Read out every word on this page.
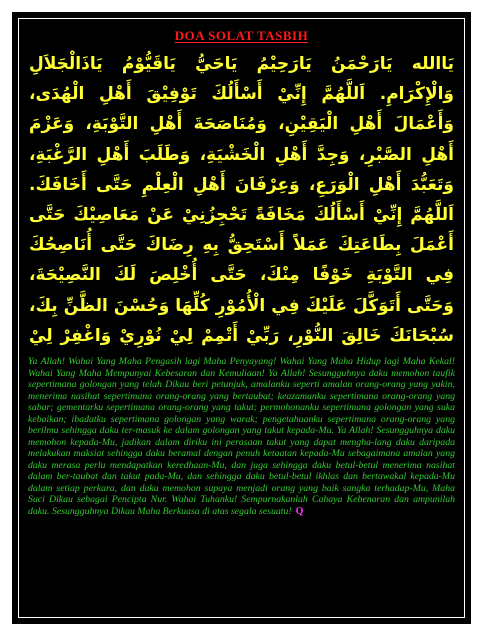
DOA SOLAT TASBIH
يَاالله يَارَحْمَنُ يَارَحِيْمُ يَاحَيُّ يَاقَيُّوْمُ يَاذَالْجَلاَلِ وَالْإِكْرَامِ. اَللَّهُمَّ إِنِّيْ أَسْأَلُكَ تَوْفِيْقَ أَهْلِ الْهُدَى، وَأَعْمَالَ أَهْلِ الْيَقِيْنِ، وَمُنَاصَحَةَ أَهْلِ التَّوْبَةِ، وَعَزْمَ أَهْلِ الصَّبْرِ، وَجِدَّ أَهْلِ الْخَشْيَةِ، وَطَلَبَ أَهْلِ الرَّغْبَةِ، وَتَعَبُّدَ أَهْلِ الْوَرَعِ، وَعِرْفَانَ أَهْلِ الْعِلْمِ حَتَّى أَخَافَكَ. اَللَّهُمَّ إِنِّيْ أَسْأَلُكَ مَخَافَةً تَحْجِزُنِيْ عَنْ مَعَاصِيْكَ حَتَّى أَعْمَلَ بِطَاعَتِكَ عَمَلاً أَسْتَحِقُّ بِهِ رِضَاكَ حَتَّى أُنَاصِحُكَ فِي التَّوْبَةِ خَوْفًا مِنْكَ، حَتَّى أُخْلِصَ لَكَ النَّصِيْحَةَ، وَحَتَّى أَتَوَكَّلَ عَلَيْكَ فِي الْأُمُوْرِ كُلِّهَا وَحُسْنَ الظَّنِّ بِكَ، سُبْحَانَكَ خَالِقَ النُّوْرِ، رَبِّيْ أَتْمِمْ لِيْ نُوْرِيْ وَاغْفِرْ لِيْ
Ya Allah! Wahai Yang Maha Pengasih lagi Maha Penyayang! Wahai Yang Maha Hidup lagi Maha Kekal! Wahai Yang Maha Mempunyai Kebesaran dan Kemuliaan! Ya Allah! Sesungguhnya daku memohon taufik sepertimana golongan yang telah Dikau beri petunjuk, amalanku seperti amalan orang-orang yang yakin, menerima nasihat sepertimana orang-orang yang bertaubat; keazamanku sepertimana orang-orang yang sabar; gementarku sepertimana orang-orang yang takut; permohonanku sepertimana golongan yang suka kebaikan; ibadatku sepertimana golongan yang warak; pengetahuanku sepertimana orang-orang yang berilmu sehingga daku ter-masuk ke dalam golongan yang takut kepada-Mu. Ya Allah! Sesungguhnya daku memohon kepada-Mu, jadikan dalam diriku ini perasaan takut yang dapat mengha-lang daku daripada melakukan maksiat sehingga daku beramal dengan penuh ketaatan kepada-Mu sebagaimana amalan yang daku merasa perlu mendapatkan keredhaan-Mu, dan juga sehingga daku betul-betul menerima nasihat dalam ber-taubat dan takut pada-Mu, dan sehingga daku betul-betul ikhlas dan bertawakal kepada-Mu dalam setiap perkara, dan daku memohon supaya menjadi orang yang baik sangka terhadap-Mu, Maha Suci Dikau sebagai Pencipta Nur. Wahai Tuhanku! Sempurnakanlah Cahaya Kebenaran dan ampunilah daku. Sesungguhnya Dikau Maha Berkuasa di atas segala sesuatu! Q
